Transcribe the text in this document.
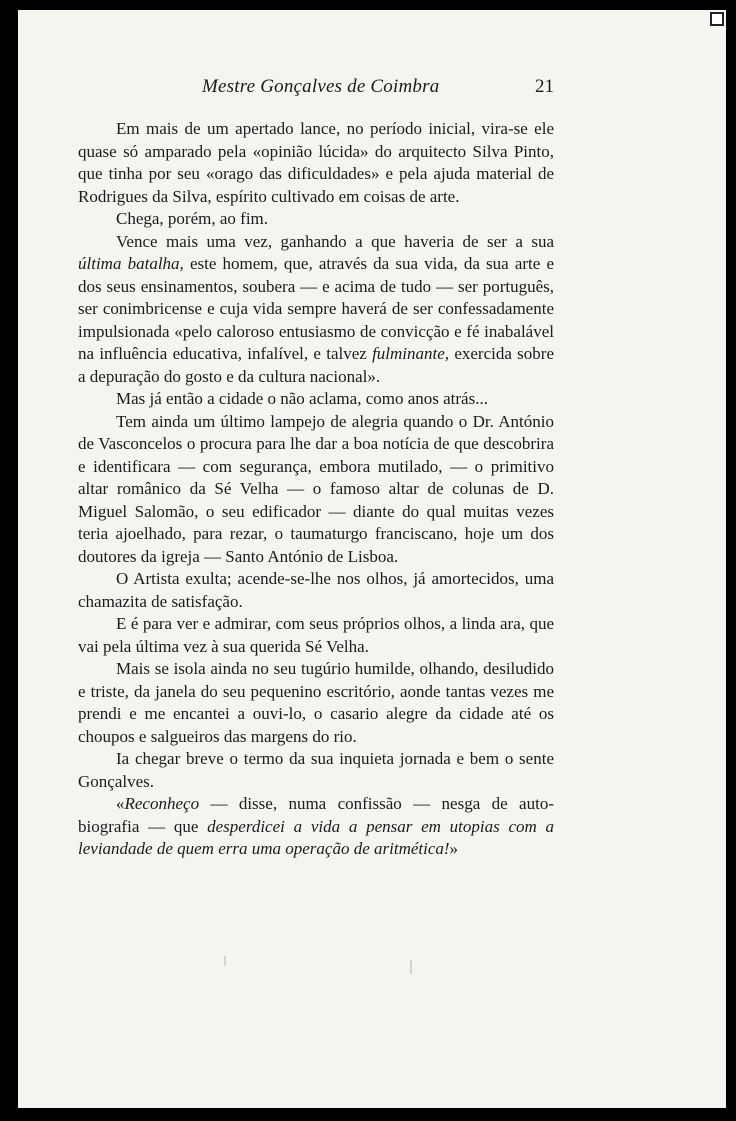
Mestre Gonçalves de Coimbra	21

Em mais de um apertado lance, no período inicial, vira-se ele quase só amparado pela «opinião lúcida» do arquitecto Silva Pinto, que tinha por seu «orago das dificuldades» e pela ajuda material de Rodrigues da Silva, espírito cultivado em coisas de arte.

Chega, porém, ao fim.

Vence mais uma vez, ganhando a que haveria de ser a sua última batalha, este homem, que, através da sua vida, da sua arte e dos seus ensinamentos, soubera — e acima de tudo — ser português, ser conimbricense e cuja vida sempre haverá de ser confessadamente impulsionada «pelo caloroso entusiasmo de convicção e fé inabalável na influência educativa, infalível, e talvez fulminante, exercida sobre a depuração do gosto e da cultura nacional».

Mas já então a cidade o não aclama, como anos atrás...

Tem ainda um último lampejo de alegria quando o Dr. António de Vasconcelos o procura para lhe dar a boa notícia de que descobrira e identificara — com segurança, embora mutilado, — o primitivo altar românico da Sé Velha — o famoso altar de colunas de D. Miguel Salomão, o seu edificador — diante do qual muitas vezes teria ajoelhado, para rezar, o taumaturgo franciscano, hoje um dos doutores da igreja — Santo António de Lisboa.

O Artista exulta; acende-se-lhe nos olhos, já amortecidos, uma chamazita de satisfação.

E é para ver e admirar, com seus próprios olhos, a linda ara, que vai pela última vez à sua querida Sé Velha.

Mais se isola ainda no seu tugúrio humilde, olhando, desiludido e triste, da janela do seu pequenino escritório, aonde tantas vezes me prendi e me encantei a ouvi-lo, o casario alegre da cidade até os choupos e salgueiros das margens do rio.

Ia chegar breve o termo da sua inquieta jornada e bem o sente Gonçalves.

«Reconheço — disse, numa confissão — nesga de auto-biografia — que desperdicei a vida a pensar em utopias com a leviandade de quem erra uma operação de aritmética!»
